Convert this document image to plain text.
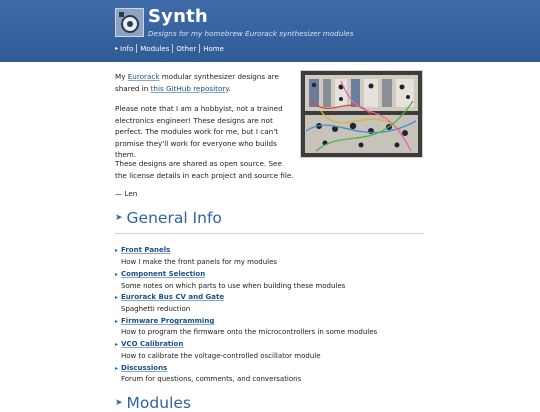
Synth
Designs for my homebrew Eurorack synthesizer modules
▸ Info	Modules	Other	Home
My Eurorack modular synthesizer designs are shared in this GitHub repository.
Please note that I am a hobbyist, not a trained electronics engineer! These designs are not perfect. The modules work for me, but I can't promise they'll work for everyone who builds them.
These designs are shared as open source. See the license details in each project and source file.
— Len
➤ General Info
▸ Front Panels
How I make the front panels for my modules
▸ Component Selection
Some notes on which parts to use when building these modules
▸ Eurorack Bus CV and Gate
Spaghetti reduction
▸ Firmware Programming
How to program the firmware onto the microcontrollers in some modules
▸ VCO Calibration
How to calibrate the voltage-controlled oscillator module
▸ Discussions
Forum for questions, comments, and conversations
➤ Modules
